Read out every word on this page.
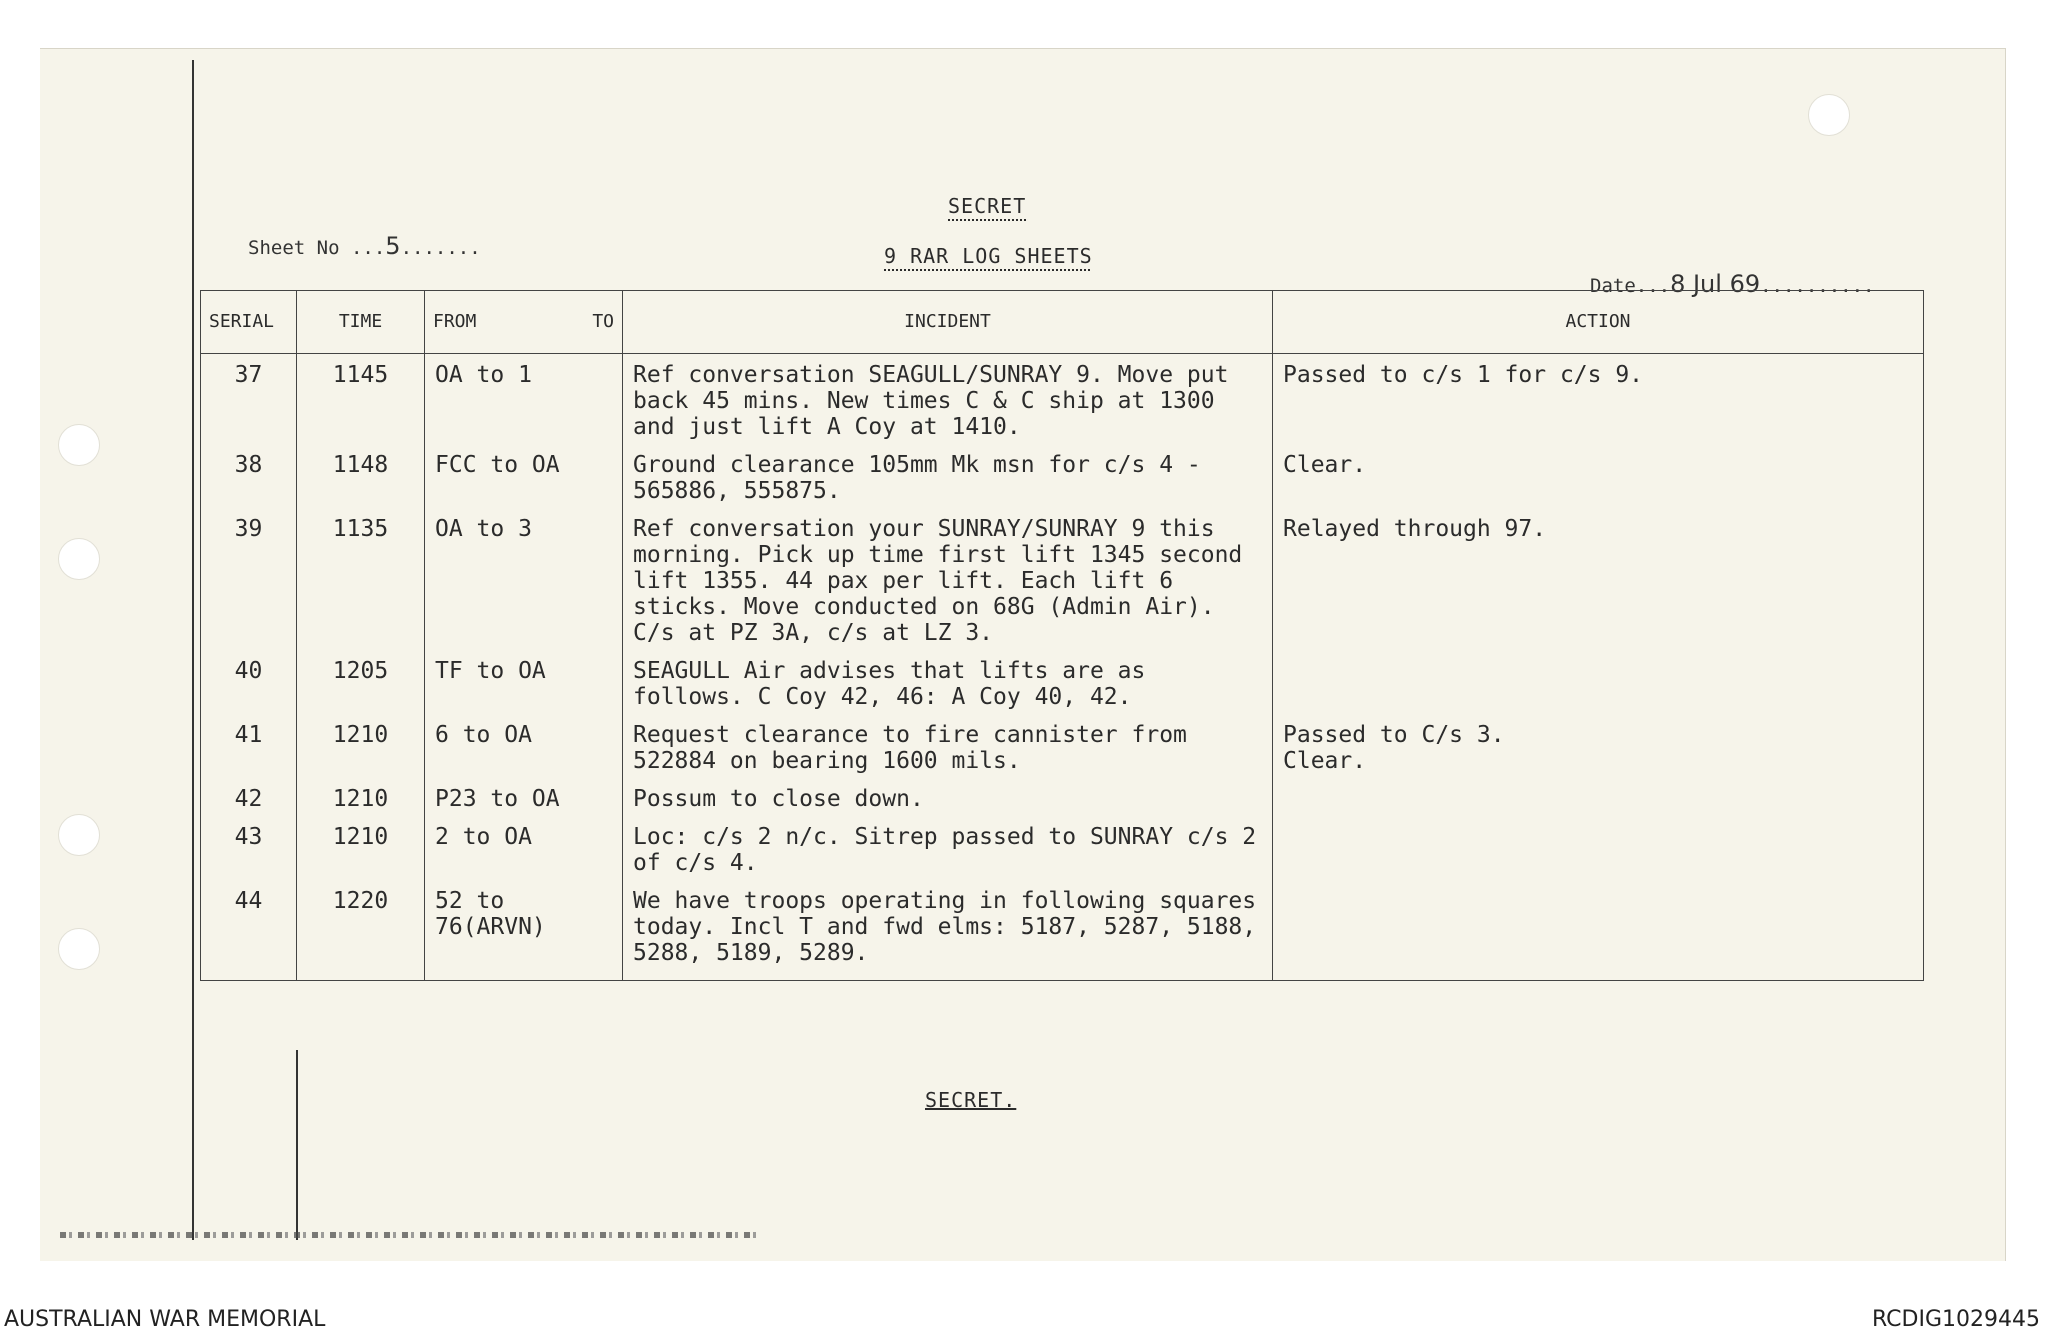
SECRET
9 RAR LOG SHEETS
Sheet No ...5.......
Date...8 Jul 69..........
SERIAL	TIME	FROM TO	INCIDENT	ACTION
37	1145	OA to 1	Ref conversation SEAGULL/SUNRAY 9. Move put back 45 mins. New times C & C ship at 1300 and just lift A Coy at 1410.	Passed to c/s 1 for c/s 9.
38	1148	FCC to OA	Ground clearance 105mm Mk msn for c/s 4 - 565886, 555875.	Clear.
39	1135	OA to 3	Ref conversation your SUNRAY/SUNRAY 9 this morning. Pick up time first lift 1345 second lift 1355. 44 pax per lift. Each lift 6 sticks. Move conducted on 68G (Admin Air). C/s at PZ 3A, c/s at LZ 3.	Relayed through 97.
40	1205	TF to OA	SEAGULL Air advises that lifts are as follows. C Coy 42, 46: A Coy 40, 42.	
41	1210	6 to OA	Request clearance to fire cannister from 522884 on bearing 1600 mils.	Passed to C/s 3.
Clear.
42	1210	P23 to OA	Possum to close down.	
43	1210	2 to OA	Loc: c/s 2 n/c. Sitrep passed to SUNRAY c/s 2 of c/s 4.	
44	1220	52 to 76(ARVN)	We have troops operating in following squares today. Incl T and fwd elms: 5187, 5287, 5188, 5288, 5189, 5289.	
SECRET.
AUSTRALIAN WAR MEMORIAL	RCDIG1029445
